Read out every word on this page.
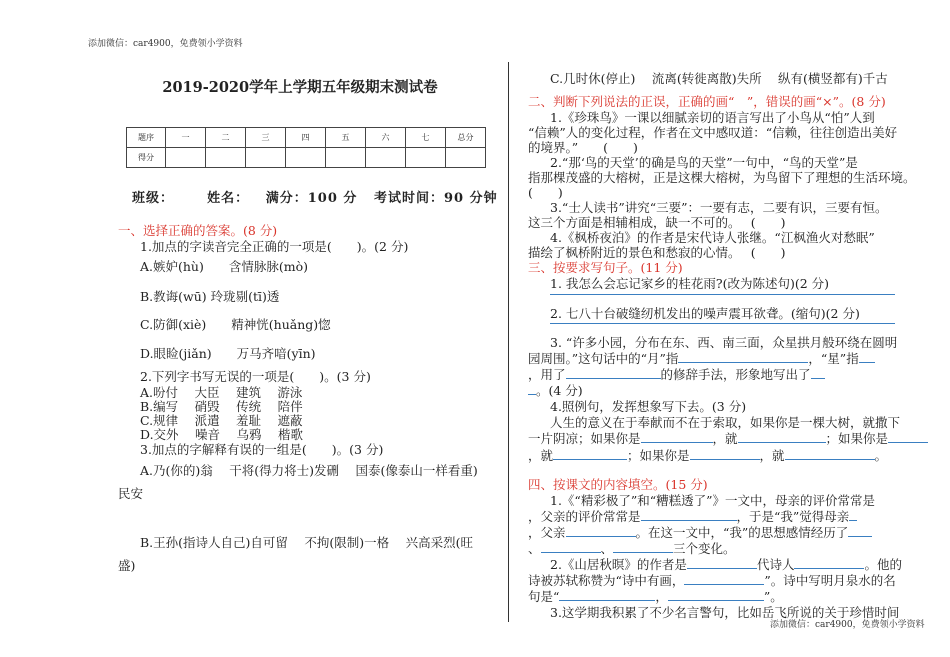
添加微信：car4900，免费领小学资料
添加微信：car4900，免费领小学资料
2019-2020学年上学期五年级期末测试卷
题序	一	二	三	四	五	六	七	总分
得分								
班级：	姓名： 满分：100 分 考试时间：90 分钟
一、选择正确的答案。(8 分)
1.加点的字读音完全正确的一项是(　　)。(2 分)
A.嫉妒(hù)　　含情脉脉(mò)
B.教诲(wū) 玲珑剔(tī)透
C.防御(xiè)　　精神恍(huǎng)惚
D.眼睑(jiǎn)　　万马齐喑(yīn)
2.下列字书写无误的一项是(　　)。(3 分)
A.吩付　 大臣　 建筑　 游泳
B.编写　 硝毁　 传统　 陪伴
C.规律　 派遣　 羞耻　 遮蔽
D.交外　 噪音　 乌鸦　 楷歌
3.加点的字解释有误的一组是(　　)。(3 分)
A.乃(你的)翁　 干将(得力将士)发硎　 国泰(像泰山一样看重)
民安
B.王孙(指诗人自己)自可留　 不拘(限制)一格　 兴高采烈(旺
盛)
C.几时休(停止)　 流离(转徙离散)失所　 纵有(横竖都有)千古
二、判断下列说法的正误，正确的画“　”，错误的画“×”。(8 分)
1.《珍珠鸟》一课以细腻亲切的语言写出了小鸟从“怕”人到
“信赖”人的变化过程，作者在文中感叹道：“信赖，往往创造出美好
的境界。”　　(　　)
2.“那‘鸟的天堂’的确是鸟的天堂”一句中，“鸟的天堂”是
指那棵茂盛的大榕树，正是这棵大榕树，为鸟留下了理想的生活环境。
(　　)
3.“士人读书”讲究“三要”：一要有志，二要有识，三要有恒。
这三个方面是相辅相成，缺一不可的。　 (　　)
4.《枫桥夜泊》的作者是宋代诗人张继。“江枫渔火对愁眠”
描绘了枫桥附近的景色和愁寂的心情。　 (　　)
三、按要求写句子。(11 分)
1. 我怎么会忘记家乡的桂花雨?(改为陈述句)(2 分)
2. 七八十台破缝纫机发出的噪声震耳欲聋。(缩句)(2 分)
3. “许多小园，分布在东、西、南三面，众星拱月般环绕在圆明
园周围。”这句话中的“月”指	，“星”指
，用了	的修辞手法，形象地写出了
。(4 分)
4.照例句，发挥想象写下去。(3 分)
人生的意义在于奉献而不在于索取，如果你是一棵大树，就撒下
一片阴凉；如果你是	，就	；如果你是
，就	；如果你是	，就	。
四、按课文的内容填空。(15 分)
1.《“精彩极了”和“糟糕透了”》一文中，母亲的评价常常是
，父亲的评价常常是	，于是“我”觉得母亲
，父亲	。在这一文中，“我”的思想感情经历了
、	、	三个变化。
2.《山居秋暝》的作者是	代诗人	。他的
诗被苏轼称赞为“诗中有画，	”。诗中写明月泉水的名
句是“	，	”。
3.这学期我积累了不少名言警句，比如岳飞所说的关于珍惜时间
